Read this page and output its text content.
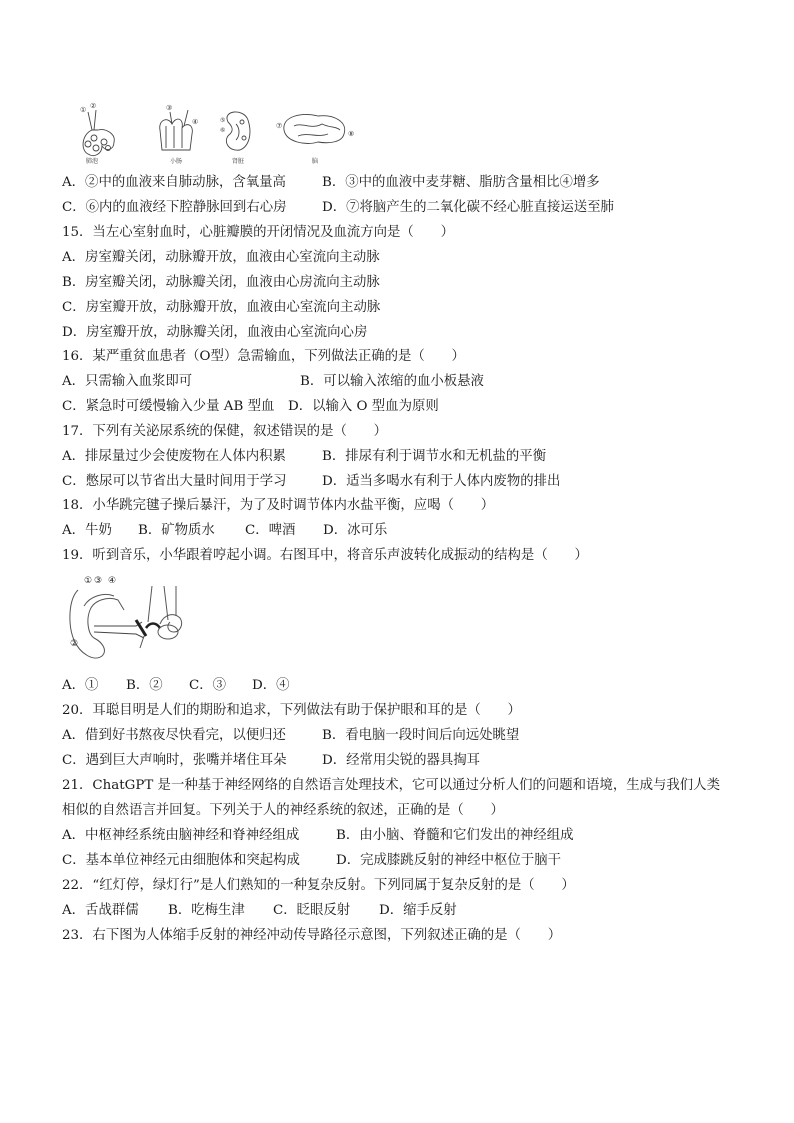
① ②	③
④	⑤
⑥
⑦
⑧
肺泡	小肠	肾脏	脑
A．②中的血液来自肺动脉，含氧量高	B．③中的血液中麦芽糖、脂肪含量相比④增多
C．⑥内的血液经下腔静脉回到右心房	D．⑦将脑产生的二氧化碳不经心脏直接运送至肺
15．当左心室射血时，心脏瓣膜的开闭情况及血流方向是（　　）
A．房室瓣关闭，动脉瓣开放，血液由心室流向主动脉
B．房室瓣关闭，动脉瓣关闭，血液由心房流向主动脉
C．房室瓣开放，动脉瓣开放，血液由心室流向主动脉
D．房室瓣开放，动脉瓣关闭，血液由心室流向心房
16．某严重贫血患者（O型）急需输血，下列做法正确的是（　　）
A．只需输入血浆即可	B．可以输入浓缩的血小板悬液
C．紧急时可缓慢输入少量 AB 型血 D．以输入 O 型血为原则
17．下列有关泌尿系统的保健，叙述错误的是（　　）
A．排尿量过少会使废物在人体内积累	B．排尿有利于调节水和无机盐的平衡
C．憋尿可以节省出大量时间用于学习	D．适当多喝水有利于人体内废物的排出
18．小华跳完毽子操后暴汗，为了及时调节体内水盐平衡，应喝（　　）
A．牛奶 B．矿物质水 C．啤酒 D．冰可乐
19．听到音乐，小华跟着哼起小调。右图耳中，将音乐声波转化成振动的结构是（　　）
①
②
③ ④
A．① B．② C．③ D．④
20．耳聪目明是人们的期盼和追求，下列做法有助于保护眼和耳的是（　　）
A．借到好书熬夜尽快看完，以便归还	B．看电脑一段时间后向远处眺望
C．遇到巨大声响时，张嘴并堵住耳朵	D．经常用尖锐的器具掏耳
21．ChatGPT 是一种基于神经网络的自然语言处理技术，它可以通过分析人们的问题和语境，生成与我们人类
相似的自然语言并回复。下列关于人的神经系统的叙述，正确的是（　　）
A．中枢神经系统由脑神经和脊神经组成	B．由小脑、脊髓和它们发出的神经组成
C．基本单位神经元由细胞体和突起构成	D．完成膝跳反射的神经中枢位于脑干
22．“红灯停，绿灯行”是人们熟知的一种复杂反射。下列同属于复杂反射的是（　　）
A．舌战群儒 B．吃梅生津 C．眨眼反射 D．缩手反射
23．右下图为人体缩手反射的神经冲动传导路径示意图，下列叙述正确的是（　　）
